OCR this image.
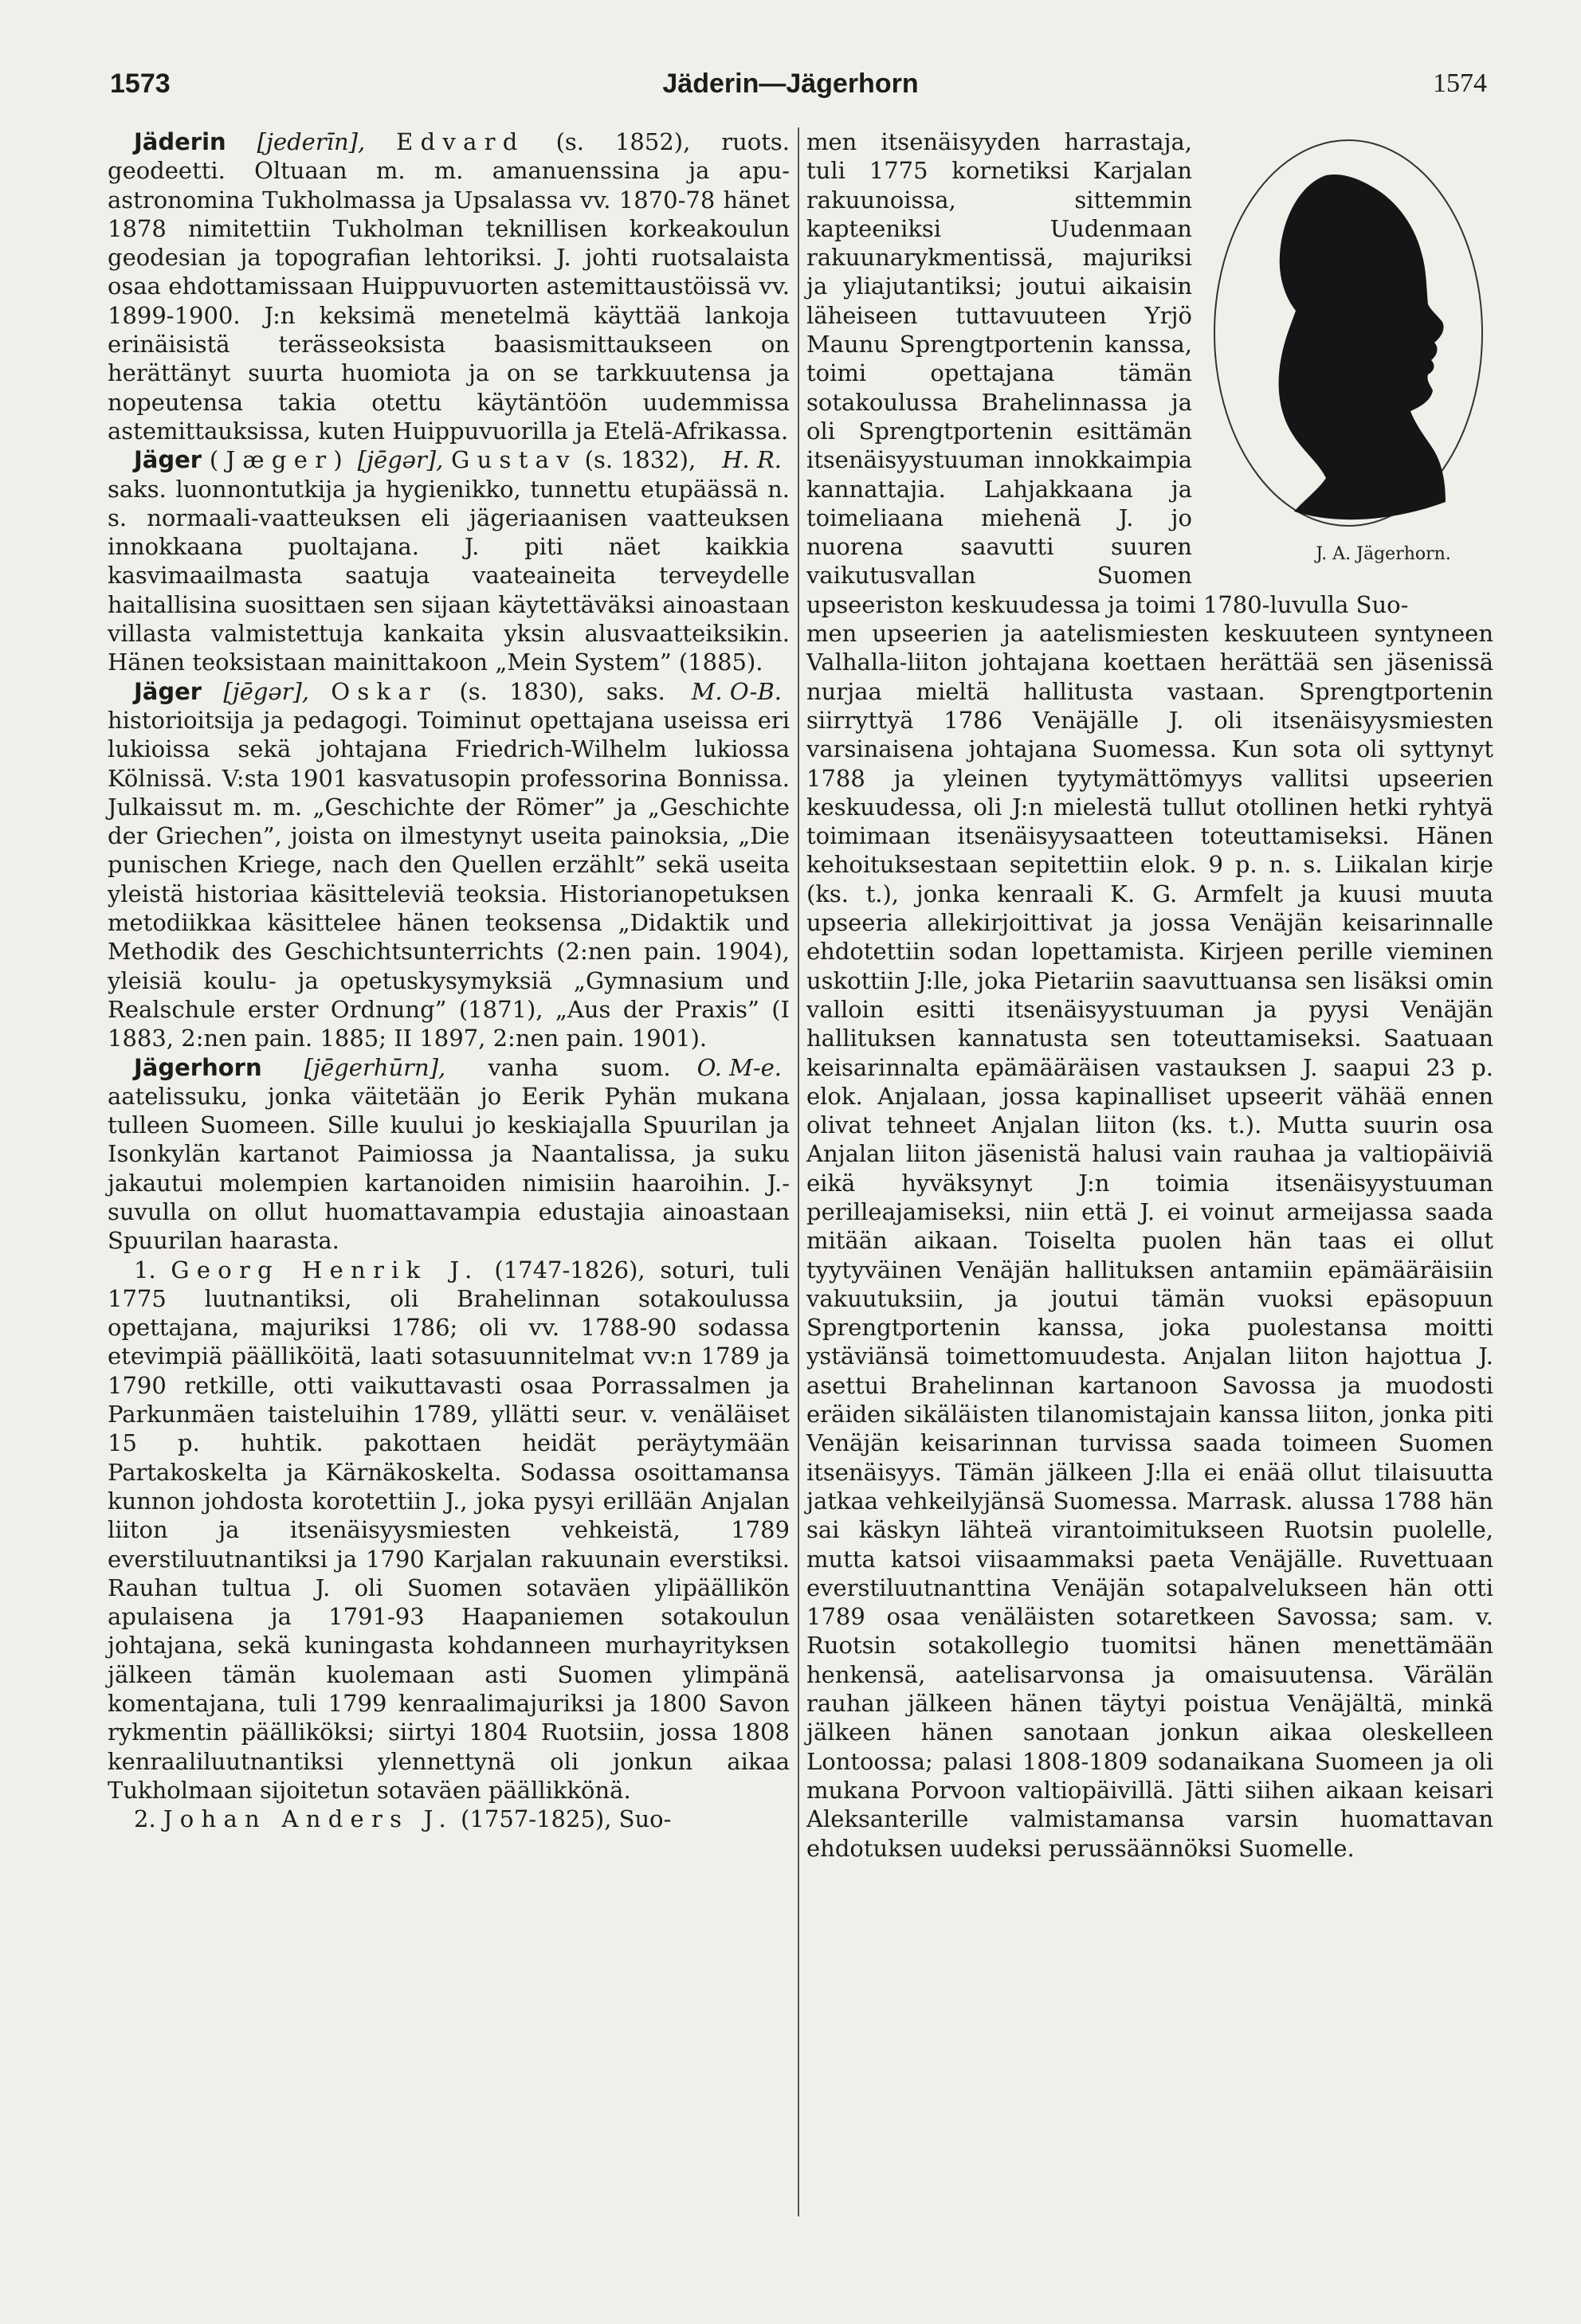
1573	Jäderin—Jägerhorn	1574

Jäderin [jederīn], Edvard (s. 1852), ruots. geodeetti. Oltuaan m. m. amanuenssina ja apu-astronomina Tukholmassa ja Upsalassa vv. 1870-78 hänet 1878 nimitettiin Tukholman teknillisen korkeakoulun geodesian ja topografian lehtoriksi. J. johti ruotsalaista osaa ehdottamissaan Huippuvuorten astemittaustöissä vv. 1899-1900. J:n keksimä menetelmä käyttää lankoja erinäisistä terässeoksista baasismittaukseen on herättänyt suurta huomiota ja on se tarkkuutensa ja nopeutensa takia otettu käytäntöön uudemmissa astemittauksissa, kuten Huippuvuorilla ja Etelä-Afrikassa.
H. R.

Jäger (Jæger) [jēgər], Gustav (s. 1832), saks. luonnontutkija ja hygienikko, tunnettu etupäässä n. s. normaali-vaatteuksen eli jägeriaanisen vaatteuksen innokkaana puoltajana. J. piti näet kaikkia kasvimaailmasta saatuja vaateaineita terveydelle haitallisina suosittaen sen sijaan käytettäväksi ainoastaan villasta valmistettuja kankaita yksin alusvaatteiksikin. Hänen teoksistaan mainittakoon „Mein System” (1885).
M. O-B.

Jäger [jēgər], Oskar (s. 1830), saks. historioitsija ja pedagogi. Toiminut opettajana useissa eri lukioissa sekä johtajana Friedrich-Wilhelm lukiossa Kölnissä. V:sta 1901 kasvatusopin professorina Bonnissa. Julkaissut m. m. „Geschichte der Römer” ja „Geschichte der Griechen”, joista on ilmestynyt useita painoksia, „Die punischen Kriege, nach den Quellen erzählt” sekä useita yleistä historiaa käsitteleviä teoksia. Historianopetuksen metodiikkaa käsittelee hänen teoksensa „Didaktik und Methodik des Geschichtsunterrichts (2:nen pain. 1904), yleisiä koulu- ja opetuskysymyksiä „Gymnasium und Realschule erster Ordnung” (1871), „Aus der Praxis” (I 1883, 2:nen pain. 1885; II 1897, 2:nen pain. 1901).
O. M-e.

Jägerhorn [jēgerhūrn], vanha suom. aatelissuku, jonka väitetään jo Eerik Pyhän mukana tulleen Suomeen. Sille kuului jo keskiajalla Spuurilan ja Isonkylän kartanot Paimiossa ja Naantalissa, ja suku jakautui molempien kartanoiden nimisiin haaroihin. J.-suvulla on ollut huomattavampia edustajia ainoastaan Spuurilan haarasta.

1. Georg Henrik J. (1747-1826), soturi, tuli 1775 luutnantiksi, oli Brahelinnan sotakoulussa opettajana, majuriksi 1786; oli vv. 1788-90 sodassa etevimpiä päälliköitä, laati sotasuunnitelmat vv:n 1789 ja 1790 retkille, otti vaikuttavasti osaa Porrassalmen ja Parkunmäen taisteluihin 1789, yllätti seur. v. venäläiset 15 p. huhtik. pakottaen heidät peräytymään Partakoskelta ja Kärnäkoskelta. Sodassa osoittamansa kunnon johdosta korotettiin J., joka pysyi erillään Anjalan liiton ja itsenäisyysmiesten vehkeistä, 1789 everstiluutnantiksi ja 1790 Karjalan rakuunain everstiksi. Rauhan tultua J. oli Suomen sotaväen ylipäällikön apulaisena ja 1791-93 Haapaniemen sotakoulun johtajana, sekä kuningasta kohdanneen murhayrityksen jälkeen tämän kuolemaan asti Suomen ylimpänä komentajana, tuli 1799 kenraalimajuriksi ja 1800 Savon rykmentin päälliköksi; siirtyi 1804 Ruotsiin, jossa 1808 kenraaliluutnantiksi ylennettynä oli jonkun aikaa Tukholmaan sijoitetun sotaväen päällikkönä.

2. Johan Anders J. (1757-1825), Suo-

J. A. Jägerhorn.

men itsenäisyyden harrastaja, tuli 1775 kornetiksi Karjalan rakuunoissa, sittemmin kapteeniksi Uudenmaan rakuunarykmentissä, majuriksi ja yliajutantiksi; joutui aikaisin läheiseen tuttavuuteen Yrjö Maunu Sprengtportenin kanssa, toimi opettajana tämän sotakoulussa Brahelinnassa ja oli Sprengtportenin esittämän itsenäisyystuuman innokkaimpia kannattajia. Lahjakkaana ja toimeliaana miehenä J. jo nuorena saavutti suuren vaikutusvallan Suomen upseeriston keskuudessa ja toimi 1780-luvulla Suo-

men upseerien ja aatelismiesten keskuuteen syntyneen Valhalla-liiton johtajana koettaen herättää sen jäsenissä nurjaa mieltä hallitusta vastaan. Sprengtportenin siirryttyä 1786 Venäjälle J. oli itsenäisyysmiesten varsinaisena johtajana Suomessa. Kun sota oli syttynyt 1788 ja yleinen tyytymättömyys vallitsi upseerien keskuudessa, oli J:n mielestä tullut otollinen hetki ryhtyä toimimaan itsenäisyysaatteen toteuttamiseksi. Hänen kehoituksestaan sepitettiin elok. 9 p. n. s. Liikalan kirje (ks. t.), jonka kenraali K. G. Armfelt ja kuusi muuta upseeria allekirjoittivat ja jossa Venäjän keisarinnalle ehdotettiin sodan lopettamista. Kirjeen perille vieminen uskottiin J:lle, joka Pietariin saavuttuansa sen lisäksi omin valloin esitti itsenäisyystuuman ja pyysi Venäjän hallituksen kannatusta sen toteuttamiseksi. Saatuaan keisarinnalta epämääräisen vastauksen J. saapui 23 p. elok. Anjalaan, jossa kapinalliset upseerit vähää ennen olivat tehneet Anjalan liiton (ks. t.). Mutta suurin osa Anjalan liiton jäsenistä halusi vain rauhaa ja valtiopäiviä eikä hyväksynyt J:n toimia itsenäisyystuuman perilleajamiseksi, niin että J. ei voinut armeijassa saada mitään aikaan. Toiselta puolen hän taas ei ollut tyytyväinen Venäjän hallituksen antamiin epämääräisiin vakuutuksiin, ja joutui tämän vuoksi epäsopuun Sprengtportenin kanssa, joka puolestansa moitti ystäviänsä toimettomuudesta. Anjalan liiton hajottua J. asettui Brahelinnan kartanoon Savossa ja muodosti eräiden sikäläisten tilanomistajain kanssa liiton, jonka piti Venäjän keisarinnan turvissa saada toimeen Suomen itsenäisyys. Tämän jälkeen J:lla ei enää ollut tilaisuutta jatkaa vehkeilyjänsä Suomessa. Marrask. alussa 1788 hän sai käskyn lähteä virantoimitukseen Ruotsin puolelle, mutta katsoi viisaammaksi paeta Venäjälle. Ruvettuaan everstiluutnanttina Venäjän sotapalvelukseen hän otti 1789 osaa venäläisten sotaretkeen Savossa; sam. v. Ruotsin sotakollegio tuomitsi hänen menettämään henkensä, aatelisarvonsa ja omaisuutensa. Värälän rauhan jälkeen hänen täytyi poistua Venäjältä, minkä jälkeen hänen sanotaan jonkun aikaa oleskelleen Lontoossa; palasi 1808-1809 sodanaikana Suomeen ja oli mukana Porvoon valtiopäivillä. Jätti siihen aikaan keisari Aleksanterille valmistamansa varsin huomattavan ehdotuksen uudeksi perussäännöksi Suomelle.
